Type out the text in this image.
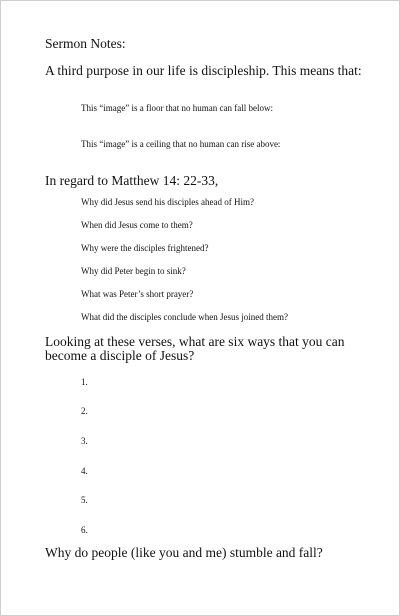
Sermon Notes:
A third purpose in our life is discipleship. This means that:
This “image” is a floor that no human can fall below:
This “image” is a ceiling that no human can rise above:
In regard to Matthew 14: 22-33,
Why did Jesus send his disciples ahead of Him?
When did Jesus come to them?
Why were the disciples frightened?
Why did Peter begin to sink?
What was Peter’s short prayer?
What did the disciples conclude when Jesus joined them?
Looking at these verses, what are six ways that you can become a disciple of Jesus?
1.
2.
3.
4.
5.
6.
Why do people (like you and me) stumble and fall?
